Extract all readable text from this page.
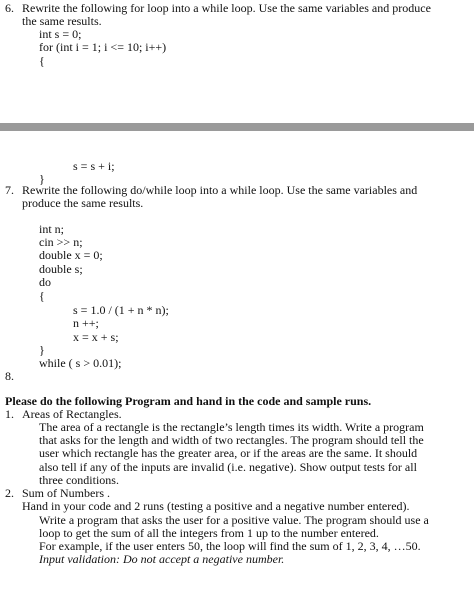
6. Rewrite the following for loop into a while loop. Use the same variables and produce
the same results.
int s = 0;
for (int i = 1; i <= 10; i++)
{
s = s + i;
}
7. Rewrite the following do/while loop into a while loop. Use the same variables and
produce the same results.
int n;
cin >> n;
double x = 0;
double s;
do
{
s = 1.0 / (1 + n * n);
n ++;
x = x + s;
}
while ( s > 0.01);
8.
Please do the following Program and hand in the code and sample runs.
1. Areas of Rectangles.
The area of a rectangle is the rectangle’s length times its width. Write a program
that asks for the length and width of two rectangles. The program should tell the
user which rectangle has the greater area, or if the areas are the same. It should
also tell if any of the inputs are invalid (i.e. negative). Show output tests for all
three conditions.
2. Sum of Numbers .
Hand in your code and 2 runs (testing a positive and a negative number entered).
Write a program that asks the user for a positive value. The program should use a
loop to get the sum of all the integers from 1 up to the number entered.
For example, if the user enters 50, the loop will find the sum of 1, 2, 3, 4, …50.
Input validation: Do not accept a negative number.
